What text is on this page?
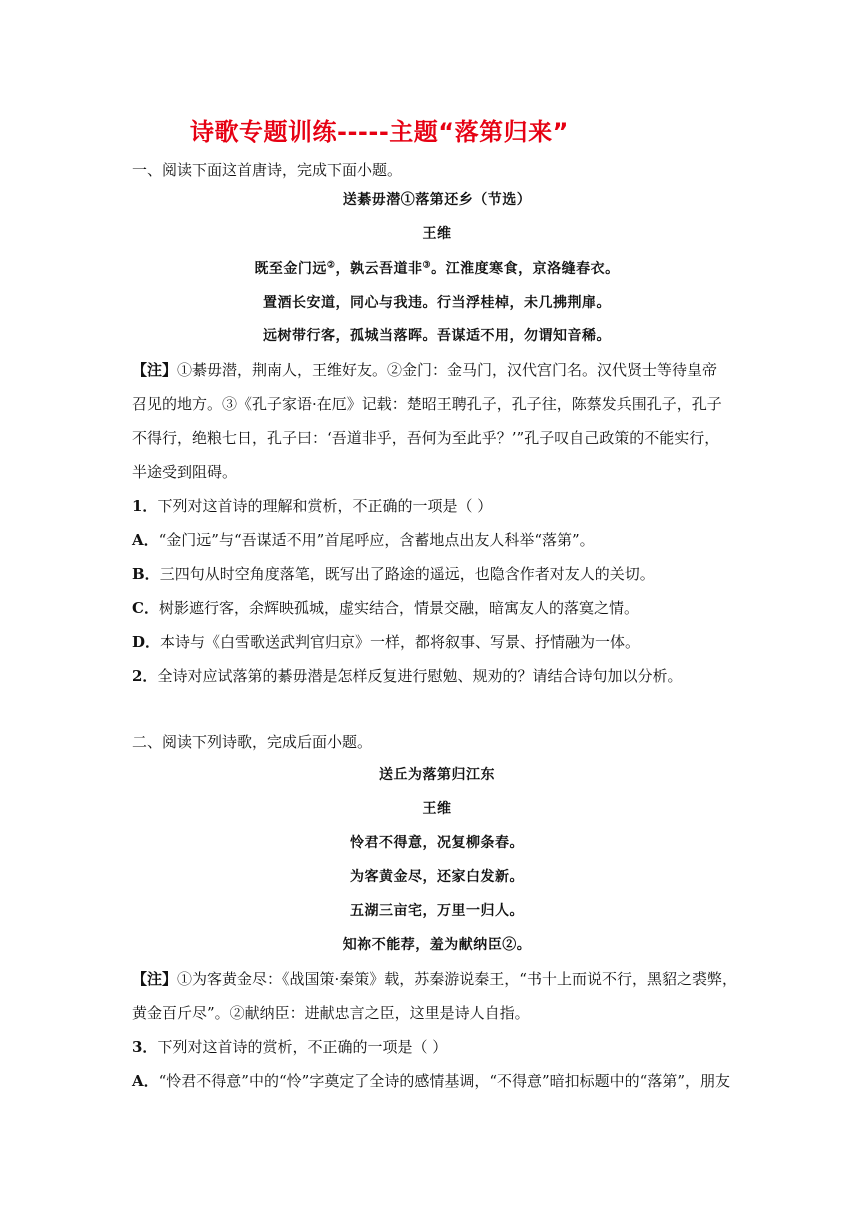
诗歌专题训练-----主题“落第归来”
一、阅读下面这首唐诗，完成下面小题。
送綦毋潜①落第还乡（节选）
王维
既至金门远②，孰云吾道非③。江淮度寒食，京洛缝春衣。
置酒长安道，同心与我违。行当浮桂棹，未几拂荆扉。
远树带行客，孤城当落晖。吾谋适不用，勿谓知音稀。
【注】①綦毋潜，荆南人，王维好友。②金门：金马门，汉代宫门名。汉代贤士等待皇帝
召见的地方。③《孔子家语·在厄》记载：楚昭王聘孔子，孔子往，陈蔡发兵围孔子，孔子
不得行，绝粮七日，孔子曰：‘吾道非乎，吾何为至此乎？’”孔子叹自己政策的不能实行，
半途受到阻碍。
1．下列对这首诗的理解和赏析，不正确的一项是（ ）
A．“金门远”与“吾谋适不用”首尾呼应，含蓄地点出友人科举“落第”。
B．三四句从时空角度落笔，既写出了路途的遥远，也隐含作者对友人的关切。
C．树影遮行客，余辉映孤城，虚实结合，情景交融，暗寓友人的落寞之情。
D．本诗与《白雪歌送武判官归京》一样，都将叙事、写景、抒情融为一体。
2．全诗对应试落第的綦毋潜是怎样反复进行慰勉、规劝的？请结合诗句加以分析。
二、阅读下列诗歌，完成后面小题。
送丘为落第归江东
王维
怜君不得意，况复柳条春。
为客黄金尽，还家白发新。
五湖三亩宅，万里一归人。
知祢不能荐，羞为献纳臣②。
【注】①为客黄金尽：《战国策·秦策》载，苏秦游说秦王，“书十上而说不行，黑貂之裘弊，
黄金百斤尽”。②献纳臣：进献忠言之臣，这里是诗人自指。
3．下列对这首诗的赏析，不正确的一项是（ ）
A．“怜君不得意”中的“怜”字奠定了全诗的感情基调，“不得意”暗扣标题中的“落第”，朋友
